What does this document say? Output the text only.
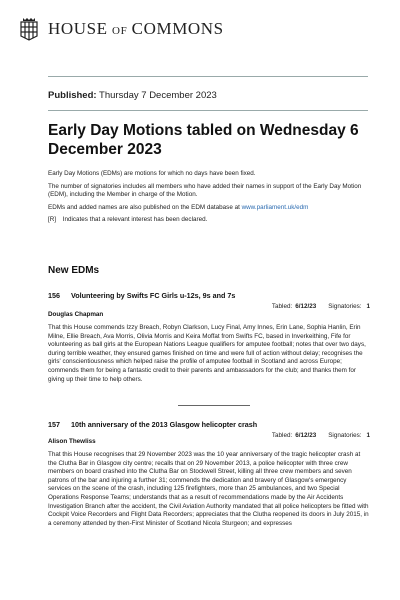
HOUSE OF COMMONS
Published: Thursday 7 December 2023
Early Day Motions tabled on Wednesday 6 December 2023

Early Day Motions (EDMs) are motions for which no days have been fixed.

The number of signatories includes all members who have added their names in support of the Early Day Motion (EDM), including the Member in charge of the Motion.

EDMs and added names are also published on the EDM database at www.parliament.uk/edm

[R] Indicates that a relevant interest has been declared.

New EDMs
156	Volunteering by Swifts FC Girls u-12s, 9s and 7s
Tabled: 6/12/23 Signatories: 1
Douglas Chapman
That this House commends Izzy Breach, Robyn Clarkson, Lucy Final, Amy Innes, Erin Lane, Sophia Hanlin, Erin Milne, Ellie Breach, Ava Morris, Olivia Morris and Keira Moffat from Swifts FC, based in Inverkeithing, Fife for volunteering as ball girls at the European Nations League qualifiers for amputee football; notes that over two days, during terrible weather, they ensured games finished on time and were full of action without delay; recognises the girls' conscientiousness which helped raise the profile of amputee football in Scotland and across Europe; commends them for being a fantastic credit to their parents and ambassadors for the club; and thanks them for giving up their time to help others.
157	10th anniversary of the 2013 Glasgow helicopter crash
Tabled: 6/12/23 Signatories: 1
Alison Thewliss
That this House recognises that 29 November 2023 was the 10 year anniversary of the tragic helicopter crash at the Clutha Bar in Glasgow city centre; recalls that on 29 November 2013, a police helicopter with three crew members on board crashed into the Clutha Bar on Stockwell Street, killing all three crew members and seven patrons of the bar and injuring a further 31; commends the dedication and bravery of Glasgow's emergency services on the scene of the crash, including 125 firefighters, more than 25 ambulances, and two Special Operations Response Teams; understands that as a result of recommendations made by the Air Accidents Investigation Branch after the accident, the Civil Aviation Authority mandated that all police helicopters be fitted with Cockpit Voice Recorders and Flight Data Recorders; appreciates that the Clutha reopened its doors in July 2015, in a ceremony attended by then-First Minister of Scotland Nicola Sturgeon; and expresses
